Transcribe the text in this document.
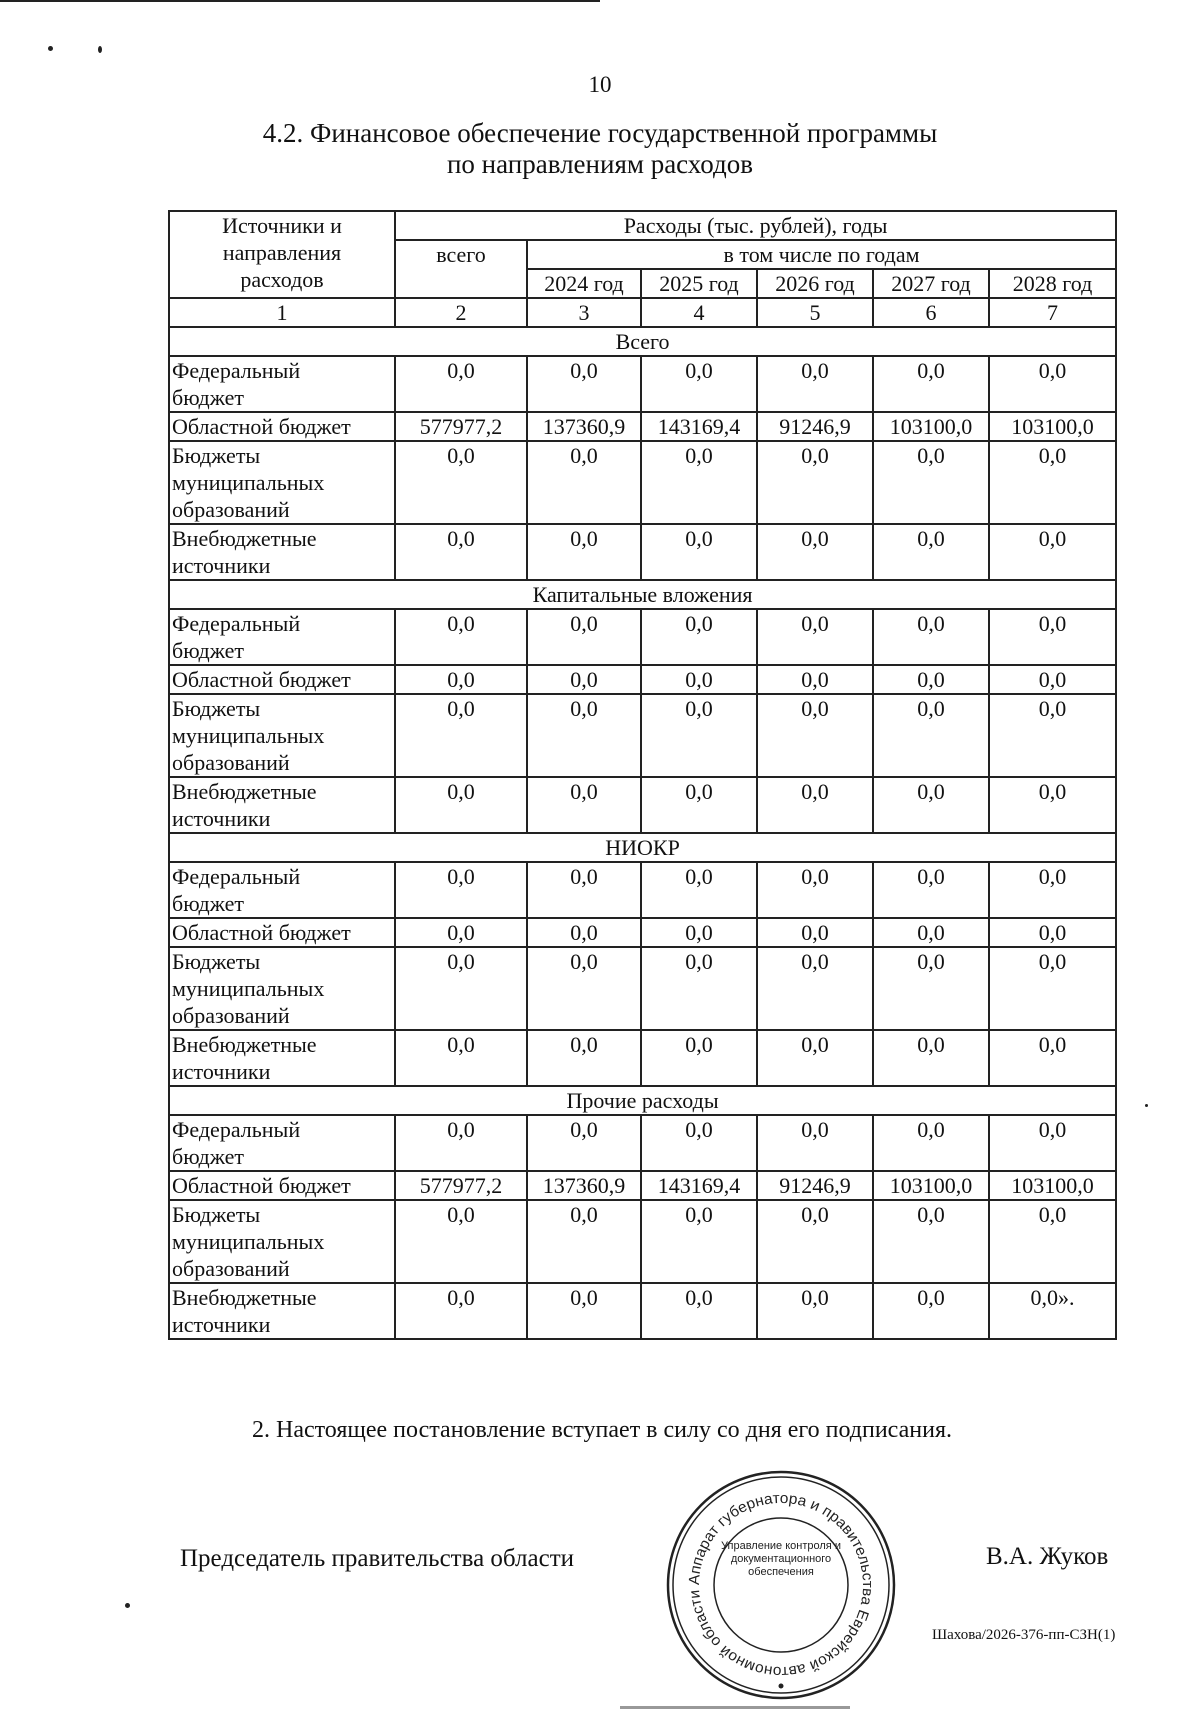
10
4.2. Финансовое обеспечение государственной программы
по направлениям расходов
Источники и
направления
расходов	Расходы (тыс. рублей), годы					
	всего	в том числе по годам				
		2024 год	2025 год	2026 год	2027 год	2028 год
1	2	3	4	5	6	7
Всего						

Федеральный
бюджет	0,0	0,0	0,0	0,0	0,0	0,0

Областной бюджет	577977,2	137360,9	143169,4	91246,9	103100,0	103100,0

Бюджеты
муниципальных
образований	0,0	0,0	0,0	0,0	0,0	0,0

Внебюджетные
источники	0,0	0,0	0,0	0,0	0,0	0,0
Капитальные вложения						

Федеральный
бюджет	0,0	0,0	0,0	0,0	0,0	0,0

Областной бюджет	0,0	0,0	0,0	0,0	0,0	0,0

Бюджеты
муниципальных
образований	0,0	0,0	0,0	0,0	0,0	0,0

Внебюджетные
источники	0,0	0,0	0,0	0,0	0,0	0,0
НИОКР						

Федеральный
бюджет	0,0	0,0	0,0	0,0	0,0	0,0

Областной бюджет	0,0	0,0	0,0	0,0	0,0	0,0

Бюджеты
муниципальных
образований	0,0	0,0	0,0	0,0	0,0	0,0

Внебюджетные
источники	0,0	0,0	0,0	0,0	0,0	0,0
Прочие расходы						

Федеральный
бюджет	0,0	0,0	0,0	0,0	0,0	0,0

Областной бюджет	577977,2	137360,9	143169,4	91246,9	103100,0	103100,0

Бюджеты
муниципальных
образований	0,0	0,0	0,0	0,0	0,0	0,0

Внебюджетные
источники	0,0	0,0	0,0	0,0	0,0	0,0».
2. Настоящее постановление вступает в силу со дня его подписания.
Председатель правительства области	В.А. Жуков
Аппарат губернатора и правительства Еврейской автономной области
Управление контроля и
документационного
обеспечения
Шахова/2026-376-пп-СЗН(1)
